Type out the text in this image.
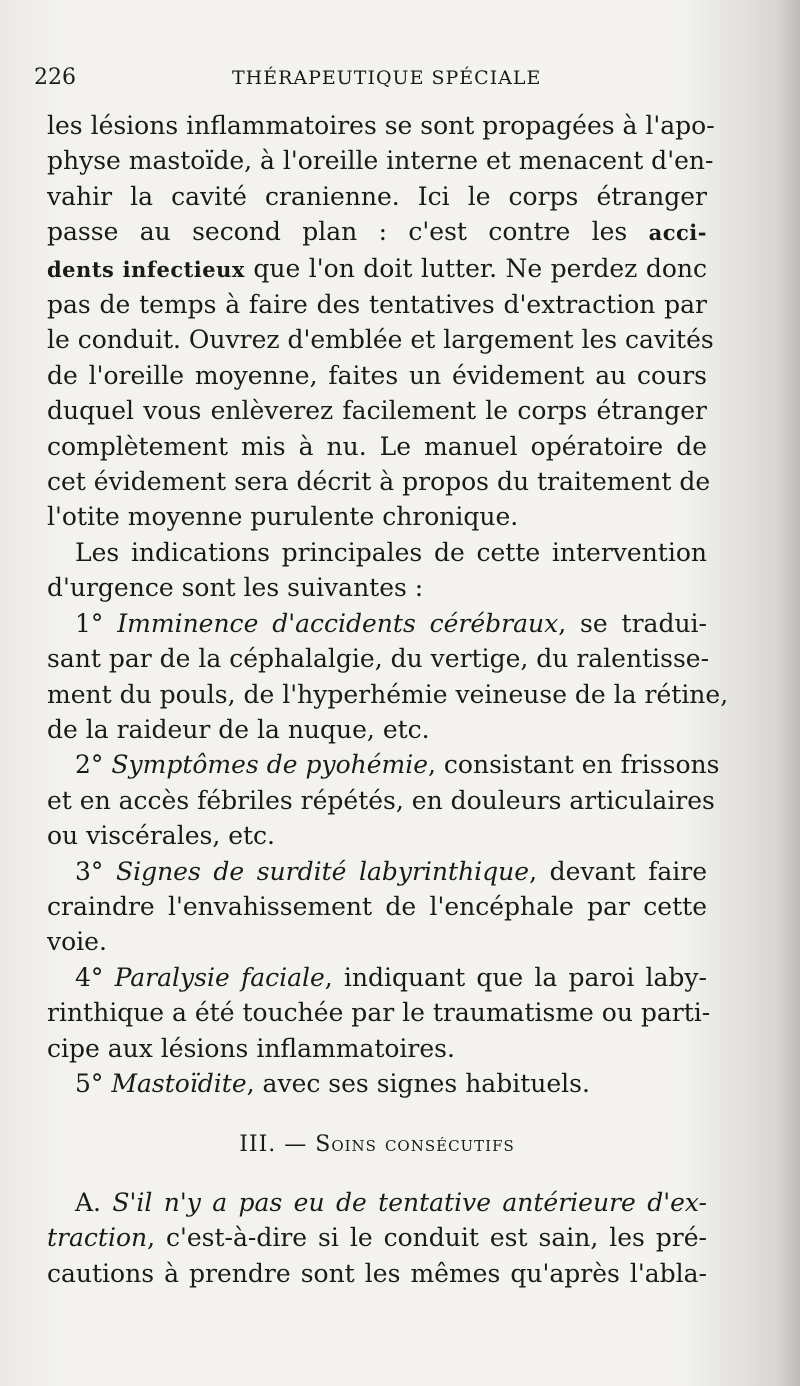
226	THÉRAPEUTIQUE SPÉCIALE
les lésions inflammatoires se sont propagées à l'apo-
physe mastoïde, à l'oreille interne et menacent d'en-
vahir la cavité cranienne. Ici le corps étranger
passe au second plan : c'est contre les acci-
dents infectieux que l'on doit lutter. Ne perdez donc
pas de temps à faire des tentatives d'extraction par
le conduit. Ouvrez d'emblée et largement les cavités
de l'oreille moyenne, faites un évidement au cours
duquel vous enlèverez facilement le corps étranger
complètement mis à nu. Le manuel opératoire de
cet évidement sera décrit à propos du traitement de
l'otite moyenne purulente chronique.
Les indications principales de cette intervention
d'urgence sont les suivantes :
1° Imminence d'accidents cérébraux, se tradui-
sant par de la céphalalgie, du vertige, du ralentisse-
ment du pouls, de l'hyperhémie veineuse de la rétine,
de la raideur de la nuque, etc.
2° Symptômes de pyohémie, consistant en frissons
et en accès fébriles répétés, en douleurs articulaires
ou viscérales, etc.
3° Signes de surdité labyrinthique, devant faire
craindre l'envahissement de l'encéphale par cette
voie.
4° Paralysie faciale, indiquant que la paroi laby-
rinthique a été touchée par le traumatisme ou parti-
cipe aux lésions inflammatoires.
5° Mastoïdite, avec ses signes habituels.
III. — Soins consécutifs
A. S'il n'y a pas eu de tentative antérieure d'ex-
traction, c'est-à-dire si le conduit est sain, les pré-
cautions à prendre sont les mêmes qu'après l'abla-
